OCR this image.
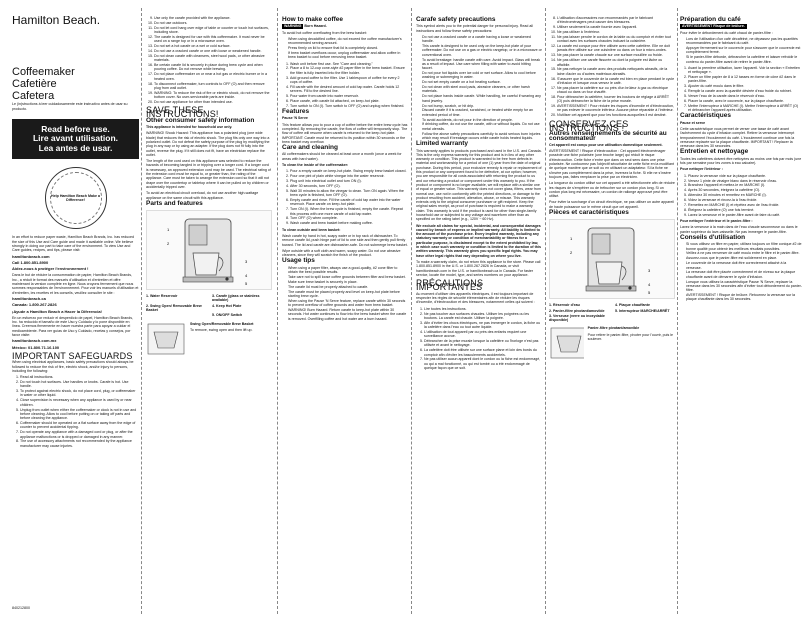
Hamilton Beach.
Coffeemaker
Cafetière
Cafetera

Le (in)structions à leer cuidadosamente este instructivo antes de usar su producto.

Read before use.
Lire avant utilisation.
Lea antes de usar.
Help Hamilton Beach Make a Difference!

In an effort to reduce paper waste, Hamilton Beach Brands, Inc. has reduced the size of this Use and Care guide and made it available online. We believe strongly in doing our part to take care of the environment. To view Use and Care guides, recipes, and tips, please visit:

hamiltonbeach.com

Call 1.800.851.8900

Aidez-nous à protéger l'environnement !

Dans le but de réduire la consommation de papier, Hamilton Beach Brands, Inc., a réduit le format des manuels d'utilisation et d'entretien et offre maintenant la version complète en ligne. Nous croyons fermement que nous sommes responsables de l'environnement. Pour voir les manuels d'utilisation et d'entretien, les recettes et les conseils, veuillez consulter le site :

hamiltonbeach.ca

Canada: 1.800.267.2826

¡Ayude a Hamilton Beach a Hacer la Diferencia!

En un esfuerzo por reducir el desperdicio de papel, Hamilton Beach Brands, Inc. ha reducido el tamaño de este Uso y Cuidado y lo pone disponible en línea. Creemos firmemente en hacer nuestra parte para apoyar a cuidar el medioambiente. Para ver guías de Uso y Cuidado, recetas y consejos, por favor visite:

hamiltonbeach.com.mx

México: 01.800.71.16.100

IMPORTANT SAFEGUARDS

When using electrical appliances, basic safety precautions should always be followed to reduce the risk of fire, electric shock, and/or injury to persons, including the following:

1. Read all instructions.
2. Do not touch hot surfaces. Use handles or knobs. Carafe is hot. Use handle.
3. To protect against electric shock, do not place cord, plug, or coffeemaker in water or other liquid.
4. Close supervision is necessary when any appliance is used by or near children.
5. Unplug from outlet when either the coffeemaker or clock is not in use and before cleaning. Allow to cool before putting on or taking off parts and before cleaning the appliance.
6. Coffeemaker should be operated on a flat surface away from the edge of counter to prevent accidental tipping.
7. Do not operate any appliance with a damaged cord or plug, or after the appliance malfunctions or is dropped or damaged in any manner.
8. The use of accessory attachments not recommended by the appliance manufacturer may cause injuries.
840212800
9. Use only the carafe provided with the appliance.
10. Do not use outdoors.
11. Do not let cord hang over edge of table or counter or touch hot surfaces, including stove.
12. The carafe is designed for use with this coffeemaker. It must never be used on a range top or in a microwave oven.
13. Do not set a hot carafe on a wet or cold surface.
14. Do not use a cracked carafe or one with loose or weakened handle.
15. Do not clean carafe with cleansers, steel wool pads, or other abrasive materials.
16. Be certain carafe lid is securely in place during brew cycle and when pouring coffee. Do not remove while brewing.
17. Do not place coffeemaker on or near a hot gas or electric burner or in a heated oven.
18. To disconnect coffeemaker, turn controls to OFF (O) and then remove plug from wall outlet.
19. WARNING: To reduce the risk of fire or electric shock, do not remove the bottom cover. No user-serviceable parts are inside.
20. Do not use appliance for other than intended use.
SAVE THESE INSTRUCTIONS!
Other consumer safety information

This appliance is intended for household use only.

WARNING! Shock Hazard: This appliance has a polarized plug (one wide blade) that reduces the risk of electric shock. The plug fits only one way into a polarized outlet. Do not defeat the safety purpose of the plug by modifying the plug in any way or by using an adapter. If the plug does not fit fully into the outlet, reverse the plug. If it still does not fit, have an electrician replace the outlet.

The length of the cord used on this appliance was selected to reduce the hazards of becoming tangled in or tripping over a longer cord. If a longer cord is necessary, an approved extension cord may be used. The electrical rating of the extension cord must be equal to, or greater than, the rating of the appliance. Care must be taken to arrange the extension cord so that it will not drape over the countertop or tabletop where it can be pulled on by children or accidentally tripped over.

To avoid an electrical circuit overload, do not use another high-wattage appliance on the same circuit with this appliance.

Parts and features
1
2
3
4
5
1. Water Reservoir	3. Carafe (glass or stainless available)
2. Swing Open/ Removable Brew Basket
4. Keep Hot Plate
5. ON/OFF Switch

Swing Open/Removable Brew Basket

To remove, swing open and then lift up.

How to make coffee

WARNING Burn Hazard.

To avoid hot coffee overflowing from the brew basket:

• When using decalcified coffee, do not exceed the coffee manufacturer's recommended serving amount.
• Press firmly on lid to ensure that lid is completely closed.
• If brew basket overflows occur, unplug coffeemaker and allow coffee in brew basket to cool before removing brew basket.
1. Wash unit before first use. See "Care and cleaning."
2. Place a 8 to 12-cup cone-style #2 paper filter in the brew basket. Ensure the filter is fully inserted into the filter holder.
3. Add ground coffee to the filter. Use 1 tablespoon of coffee for every 2 cups of coffee.
4. Fill carafe with the desired amount of cold tap water. Carafe holds 12 servers. Fill to the desired line.
5. Pour water from carafe into water reservoir.
6. Place carafe, with carafe lid attached, on keep-hot plate.
7. Turn switch to ON (I). Turn switch to OFF (O) and unplug when finished.
Features

Pause 'N Serve

This feature allows you to pour a cup of coffee before the entire brew cycle has completed. By removing the carafe, the flow of coffee will temporarily stop. The flow of coffee will resume when carafe is returned to the keep-hot plate. IMPORTANT: Carafe must be returned to its position within 30 seconds or the brew basket may overflow.

Care and cleaning

All coffeemakers should be cleaned at least once a month (once a week for areas with hard water).

To clean the inside of the coffeemaker:

1. Pour a empty carafe on keep-hot plate. Swing empty brew basket closed.
2. Pour one pint of plain white vinegar into the water reservoir.
3. Plug unit into electrical outlet and turn ON (I).
4. After 30 seconds, turn OFF (O).
5. Wait 30 minutes to allow the vinegar to clean. Turn ON again. When the brew cycle is finished, turn OFF (O).
6. Empty carafe and rinse. Fill the carafe of cold tap water into the water reservoir. Place carafe on keep-hot plate.
7. Turn ON (I). When the brew cycle is finished, empty the carafe. Repeat this process with one more carafe of cold tap water.
8. Turn OFF (O) when complete.
9. Wash carafe and brew basket before making coffee.

To clean outside and brew basket:

Wash carafe by hand in hot, soapy water or in top rack of dishwasher. To remove carafe lid, push hinge part of lid to one side and then gently pull firmly toward. The lid and carafe are dishwasher-safe. Do not submerge brew basket.

Wipe outside with a soft cloth and warm, soapy water. Do not use abrasive cleaners, since they will scratch the finish of the product.

Usage tips
• When using a paper filter, always use a good-quality, #2 cone filter to obtain the best possible results.
• Take care not to spill loose coffee grounds between filter and brew basket.
• Make sure brew basket is securely in place.
• The carafe lid must be properly attached to carafe.
• The carafe must be placed properly and level on keep-hot plate before starting brew cycle.
• When using the Pause 'N Serve feature, replace carafe within 30 seconds to prevent overflow of coffee grounds and water from brew basket.
• WARNING! Burn Hazard. Return carafe to keep-hot plate within 30 seconds. Hot water continues to flow into the brew basket when the carafe is removed. Overfilling coffee and hot water are a burn hazard.
Carafe safety precautions

This symbol alerts you to the potential danger for personal injury. Read all instructions and follow these safety precautions:

• Do not use a cracked carafe or a carafe having a loose or weakened handle.
• This carafe is designed to be used only on the keep-hot plate of your coffeemaker. Do not use on a gas or electric rangetop, or in a microwave or conventional oven.
• To avoid breakage: handle carafe with care. Avoid impact. Glass will break as a result of impact. Use care when filling with water to avoid hitting faucet.
• Do not pour hot liquids over ice cold or wet surface. Allow to cool before washing or submerging in water.
• Do not set empty carafe on a hot heating surface.
• Do not clean with steel wool pads, abrasive cleaners, or other harsh materials.
• Do not place hands inside carafe. While handling, be careful if wearing any hand jewelry.
• Do not bump, scratch, or hit drip.
• Discard carafe if it is cracked, scratched, or treated while empty for an extended period of time.
• To avoid accidents, do not pour in the direction of people.
• If drinking coffee, do not use the carafe, with or without liquids. Do not use metal utensils.
• Follow the above safety precautions carefully to avoid serious burn injuries which may result if breakage occurs while carafe holds heated liquids.
Limited warranty

This warranty applies to products purchased and used in the U.S. and Canada. This is the only express warranty for this product and is in lieu of any other warranty or condition. This product is warranted to be free from defects in material and workmanship for a period of one (1) year from the date of original purchase. During this period, your exclusive remedy is repair or replacement of this product or any component found to be defective, at our option; however, you are responsible for all costs associated with returning the product to us and our returning a product or component under this warranty to you. If the product or component is no longer available, we will replace with a similar one of equal or greater value. This warranty does not cover glass, filters, wear from normal use, use not in conformity with the printed directions, or damage to the product resulting from accident, alteration, abuse, or misuse. This warranty extends only to the original consumer purchaser or gift recipient. Keep the original sales receipt, as proof of purchase is required to make a warranty claim. This warranty is void if the product is used for other than single-family household use or subjected to any voltage and waveform other than as specified on the rating label (e.g., 120V ~ 60 Hz).

We exclude all claims for special, incidental, and consequential damages caused by breach of express or implied warranty. All liability is limited to the amount of the purchase price. Every implied warranty, including any statutory warranty or condition of merchantability or fitness for a particular purpose, is disclaimed except to the extent prohibited by law, in which case such warranty or condition is limited to the duration of this written warranty. This warranty gives you specific legal rights. You may have other legal rights that vary depending on where you live.

To make a warranty claim, do not return this appliance to the store. Please call 1.800.851.8900 in the U.S. or 1.800.267.2826 in Canada, or visit hamiltonbeach.com in the U.S. or hamiltonbeach.ca in Canada. For faster service, locate the model, type, and series numbers on your appliance.

PRÉCAUTIONS IMPORTANTES

Au moment d'utiliser des appareils électriques, il est toujours important de respecter les règles de sécurité élémentaires afin de réduire les risques d'incendie, d'électrocution et des blessures, notamment celles qui suivent :

1. Lire toutes les instructions.
2. Ne pas toucher aux surfaces chaudes. Utiliser les poignées ou les boutons. La carafe est chaude. Utiliser la poignée.
3. Afin d'éviter les chocs électriques, ne pas immerger le cordon, la fiche ou la cafetière dans l'eau ou tout autre liquide.
4. L'utilisation de tout appareil par ou près des enfants requiert une surveillance accrue.
5. Débrancher de la prise murale lorsque la cafetière ou l'horloge n'est pas utilisée et avant le nettoyage.
6. La cafetière doit être utilisée sur une surface plane et loin des bords du comptoir afin d'éviter les basculements accidentels.
7. Ne pas utiliser aucun appareil dont le cordon ou la fiche est endommagé, ou qui a mal fonctionné, ou qui est tombé ou a été endommagé de quelque façon que ce soit.
8. L'utilisation d'accessoires non recommandés par le fabricant d'électroménagers peut causer des blessures.
9. Utiliser seulement la carafe fournie avec l'appareil.
10. Ne pas utiliser à l'extérieur.
11. Ne pas laisser pendre le cordon de la table ou du comptoir et éviter tout contact avec les surfaces chaudes incluant la cuisinière.
12. La carafe est conçue pour être utilisée avec cette cafetière. Elle ne doit jamais être utilisée sur une cuisinière ou dans un four à micro-ondes.
13. Ne pas placer la carafe chaude sur une surface mouillée ou froide.
14. Ne pas utiliser une carafe fissurée ou dont la poignée est lâche ou affaiblie.
15. Ne pas nettoyer la carafe avec des produits nettoyants abrasifs, de la laine d'acier ou d'autres matériaux abrasifs.
16. S'assurer que le couvercle de la carafe est bien en place pendant le cycle d'infusion et lorsque vous versez le café.
17. Ne pas placer la cafetière sur ou près d'un brûleur à gaz ou électrique chaud ou dans un four chauffé.
18. Pour débrancher la cafetière, tourner les boutons de réglage à ARRÊT (O) puis débrancher la fiche de la prise murale.
19. AVERTISSEMENT ! Pour réduire les risques d'incendie et d'électrocution, ne pas enlever le couvercle inférieur. Aucune pièce réparable à l'intérieur.
20. N'utiliser cet appareil que pour les fonctions auxquelles il est destiné.
CONSERVEZ CES INSTRUCTIONS !
Autres renseignements de sécurité au consommateur

Cet appareil est conçu pour une utilisation domestique seulement.

AVERTISSEMENT ! Risque d'électrocution : Cet appareil électroménager possède une fiche polarisée (une broche large) qui réduit le risque d'électrocution. Cette fiche n'entre que dans un seul sens dans une prise polarisée. Ne contournez pas l'objectif sécuritaire de cette fiche en la modifiant de quelque manière que ce soit ou en utilisant un adaptateur. Si la fiche ne s'insère pas complètement dans la prise, inversez la fiche. Si elle ne s'insère toujours pas, faites remplacer la prise par un électricien.

La longueur du cordon utilisé sur cet appareil a été sélectionnée afin de réduire les risques de s'empêtrer ou de trébucher sur un cordon plus long. Si un cordon plus long est nécessaire, un cordon de rallonge approuvé peut être utilisé.

Pour éviter la surcharge d'un circuit électrique, ne pas utiliser un autre appareil de haute puissance sur le même circuit que cet appareil.

Pièces et caractéristiques
1
2
3
4
5
1. Réservoir d'eau	4. Plaque chauffante
2. Panier-filtre pivotant/amovible	5. Interrupteur MARCHE/ARRÊT
3. Verseuse (verre ou inoxydable disponible)

Panier-filtre pivotant/amovible

Pour retirer le panier-filtre, pivoter pour l'ouvrir, puis le soulever.

Préparation du café

AVERTISSEMENT Risque de brûlure.

Pour éviter le débordement du café chaud de panier-filtre :

• Lors de l'utilisation d'un café décaféiné, ne dépassez pas les quantités recommandées par le fabricant du café.
• Appuyer fermement sur le couvercle pour s'assurer que le couvercle est complètement fermé.
• Si le panier-filtre déborde, débrancher la cafetière et laisser refroidir le contenu du panier-filtre avant de retirer le panier-filtre.
1. Avant la première utilisation, laver l'appareil. Voir la section « Entretien et nettoyage ».
2. Placer un filtre papier de 8 à 12 tasses en forme de cône #2 dans le panier-filtre.
3. Ajouter du café moulu dans le filtre.
4. Remplir la carafe avec la quantité désirée d'eau froide du robinet.
5. Verser l'eau de la carafe dans le réservoir d'eau.
6. Placer la carafe, avec le couvercle, sur la plaque chauffante.
7. Mettre l'interrupteur à MARCHE (I). Mettre l'interrupteur à ARRÊT (O) et débrancher l'appareil après utilisation.
Caractéristiques

Pause et serve

Cette caractéristique vous permet de verser une tasse de café avant l'achèvement du cycle d'infusion complet. Retirer la verseuse interrompt temporairement l'écoulement du café. L'écoulement continue une fois la verseuse replacée sur la plaque chauffante. IMPORTANT ! Replacer la verseuse dans les 30 secondes.

Entretien et nettoyage

Toutes les cafetières doivent être nettoyées au moins une fois par mois (une fois par semaine pour les zones à eau calcaire).

Pour nettoyer l'intérieur :

1. Placez la verseuse vide sur la plaque chauffante.
2. Versez 1 pinte de vinaigre blanc dans le réservoir d'eau.
3. Branchez l'appareil et mettez-le en MARCHE (I).
4. Après 30 secondes, éteignez la cafetière (O).
5. Attendez 30 minutes et remettez en MARCHE (I).
6. Videz la verseuse et rincez-la à l'eau froide.
7. Remettez en MARCHE (I) et répétez avec de l'eau froide.
8. Éteignez la cafetière (O) une fois terminé.
9. Lavez la verseuse et le panier-filtre avant de faire du café.

Pour nettoyer l'extérieur et le panier-filtre :

Lavez la verseuse à la main dans de l'eau chaude savonneuse ou dans le panier supérieur du lave-vaisselle. Ne pas immerger le panier-filtre.

Conseils d'utilisation
• Si vous utilisez un filtre en papier, utilisez toujours un filtre conique #2 de bonne qualité pour obtenir les meilleurs résultats possibles.
• Veillez à ne pas renverser de café moulu entre le filtre et le panier-filtre.
• Assurez-vous que le panier-filtre est solidement en place.
• Le couvercle de la verseuse doit être correctement attaché à la verseuse.
• La verseuse doit être placée correctement et de niveau sur la plaque chauffante avant de démarrer le cycle d'infusion.
• Lorsque vous utilisez la caractéristique Pause 'N Serve, replacer la verseuse dans les 30 secondes afin d'éviter tout débordement du panier-filtre.
• AVERTISSEMENT ! Risque de brûlure. Retournez la verseuse sur la plaque chauffante dans les 30 secondes.
